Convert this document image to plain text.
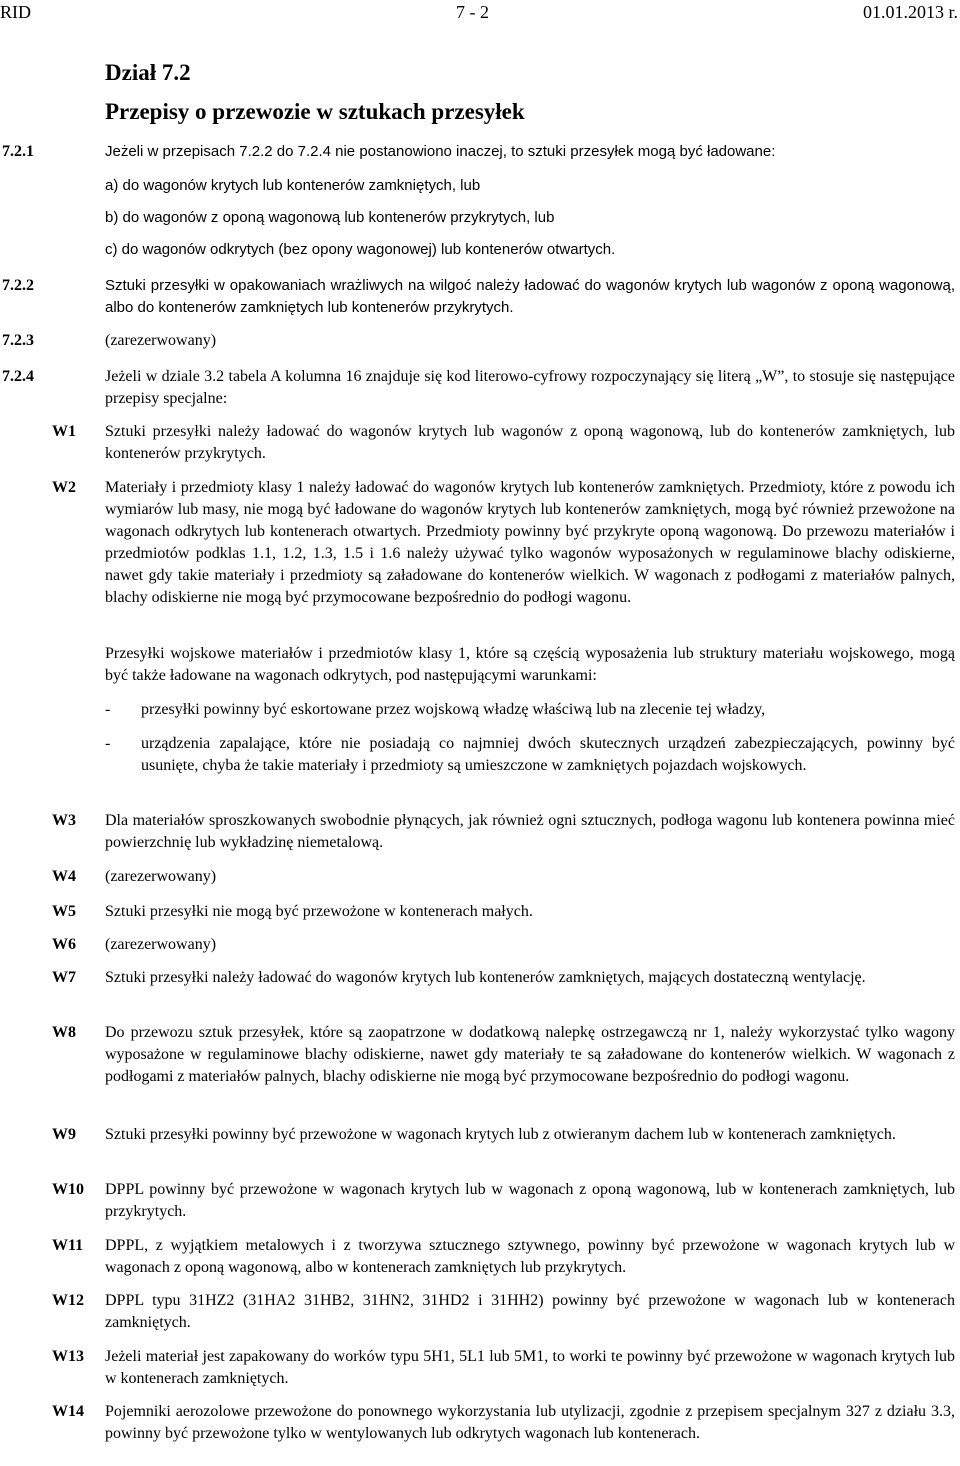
RID	7 - 2	01.01.2013 r.
Dział 7.2
Przepisy o przewozie w sztukach przesyłek
7.2.1	Jeżeli w przepisach 7.2.2 do 7.2.4 nie postanowiono inaczej, to sztuki przesyłek mogą być ładowane:
a) do wagonów krytych lub kontenerów zamkniętych, lub
b) do wagonów z oponą wagonową lub kontenerów przykrytych, lub
c) do wagonów odkrytych (bez opony wagonowej) lub kontenerów otwartych.
7.2.2	Sztuki przesyłki w opakowaniach wrażliwych na wilgoć należy ładować do wagonów krytych lub wagonów z oponą wagonową, albo do kontenerów zamkniętych lub kontenerów przykrytych.
7.2.3	(zarezerwowany)
7.2.4	Jeżeli w dziale 3.2 tabela A kolumna 16 znajduje się kod literowo-cyfrowy rozpoczynający się literą „W”, to stosuje się następujące przepisy specjalne:
W1 Sztuki przesyłki należy ładować do wagonów krytych lub wagonów z oponą wagonową, lub do kontenerów zamkniętych, lub kontenerów przykrytych.
W2 Materiały i przedmioty klasy 1 należy ładować do wagonów krytych lub kontenerów zamkniętych. Przedmioty, które z powodu ich wymiarów lub masy, nie mogą być ładowane do wagonów krytych lub kontenerów zamkniętych, mogą być również przewożone na wagonach odkrytych lub kontenerach otwartych. Przedmioty powinny być przykryte oponą wagonową. Do przewozu materiałów i przedmiotów podklas 1.1, 1.2, 1.3, 1.5 i 1.6 należy używać tylko wagonów wyposażonych w regulaminowe blachy odiskierne, nawet gdy takie materiały i przedmioty są załadowane do kontenerów wielkich. W wagonach z podłogami z materiałów palnych, blachy odiskierne nie mogą być przymocowane bezpośrednio do podłogi wagonu.
Przesyłki wojskowe materiałów i przedmiotów klasy 1, które są częścią wyposażenia lub struktury materiału wojskowego, mogą być także ładowane na wagonach odkrytych, pod następującymi warunkami:
- przesyłki powinny być eskortowane przez wojskową władzę właściwą lub na zlecenie tej władzy,
- urządzenia zapalające, które nie posiadają co najmniej dwóch skutecznych urządzeń zabezpieczających, powinny być usunięte, chyba że takie materiały i przedmioty są umieszczone w zamkniętych pojazdach wojskowych.
W3 Dla materiałów sproszkowanych swobodnie płynących, jak również ogni sztucznych, podłoga wagonu lub kontenera powinna mieć powierzchnię lub wykładzinę niemetalową.
W4 (zarezerwowany)
W5 Sztuki przesyłki nie mogą być przewożone w kontenerach małych.
W6 (zarezerwowany)
W7 Sztuki przesyłki należy ładować do wagonów krytych lub kontenerów zamkniętych, mających dostateczną wentylację.
W8 Do przewozu sztuk przesyłek, które są zaopatrzone w dodatkową nalepkę ostrzegawczą nr 1, należy wykorzystać tylko wagony wyposażone w regulaminowe blachy odiskierne, nawet gdy materiały te są załadowane do kontenerów wielkich. W wagonach z podłogami z materiałów palnych, blachy odiskierne nie mogą być przymocowane bezpośrednio do podłogi wagonu.
W9 Sztuki przesyłki powinny być przewożone w wagonach krytych lub z otwieranym dachem lub w kontenerach zamkniętych.
W10 DPPL powinny być przewożone w wagonach krytych lub w wagonach z oponą wagonową, lub w kontenerach zamkniętych, lub przykrytych.
W11 DPPL, z wyjątkiem metalowych i z tworzywa sztucznego sztywnego, powinny być przewożone w wagonach krytych lub w wagonach z oponą wagonową, albo w kontenerach zamkniętych lub przykrytych.
W12 DPPL typu 31HZ2 (31HA2 31HB2, 31HN2, 31HD2 i 31HH2) powinny być przewożone w wagonach lub w kontenerach zamkniętych.
W13 Jeżeli materiał jest zapakowany do worków typu 5H1, 5L1 lub 5M1, to worki te powinny być przewożone w wagonach krytych lub w kontenerach zamkniętych.
W14 Pojemniki aerozolowe przewożone do ponownego wykorzystania lub utylizacji, zgodnie z przepisem specjalnym 327 z działu 3.3, powinny być przewożone tylko w wentylowanych lub odkrytych wagonach lub kontenerach.
